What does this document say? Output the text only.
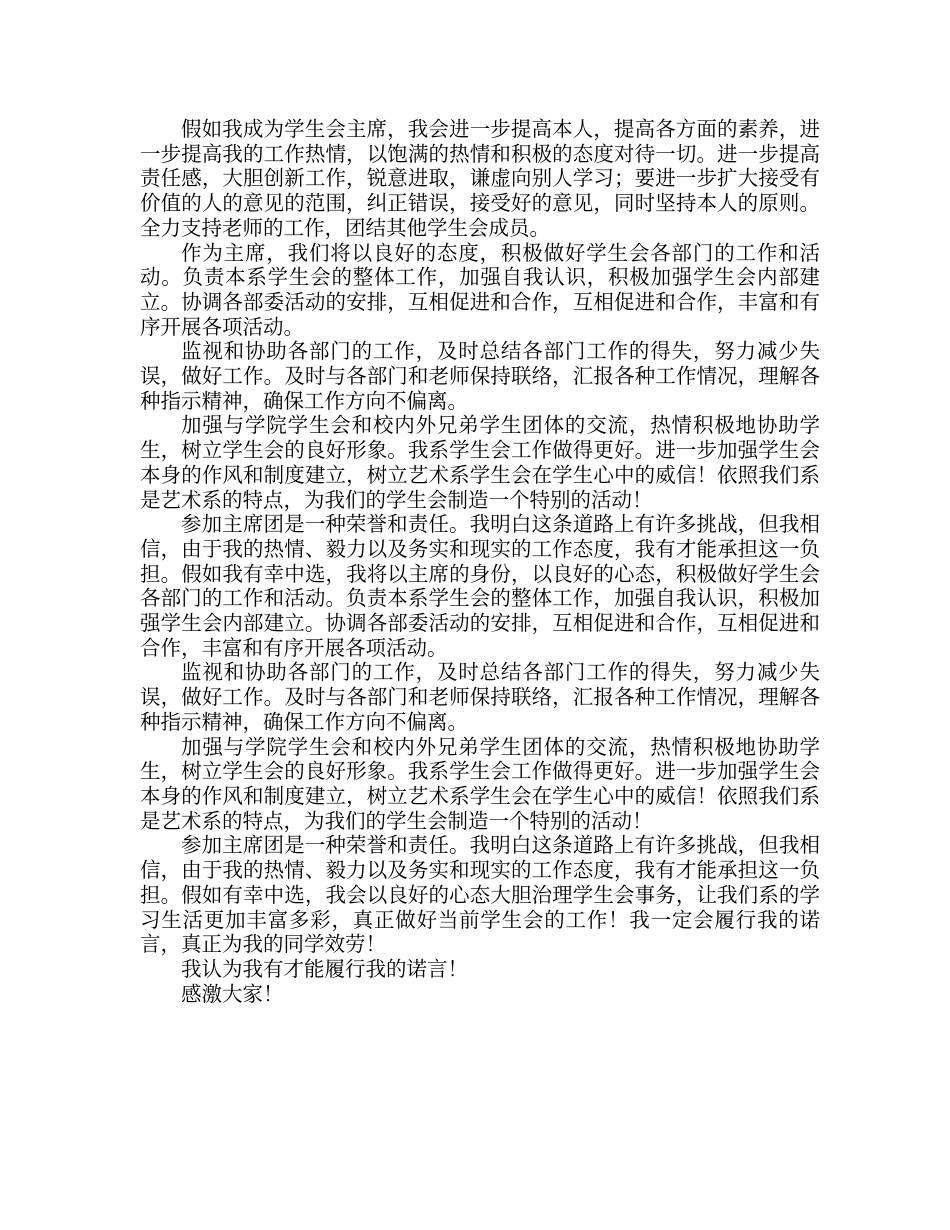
假如我成为学生会主席，我会进一步提高本人，提高各方面的素养，进一步提高我的工作热情，以饱满的热情和积极的态度对待一切。进一步提高责任感，大胆创新工作，锐意进取，谦虚向别人学习；要进一步扩大接受有价值的人的意见的范围，纠正错误，接受好的意见，同时坚持本人的原则。全力支持老师的工作，团结其他学生会成员。

作为主席，我们将以良好的态度，积极做好学生会各部门的工作和活动。负责本系学生会的整体工作，加强自我认识，积极加强学生会内部建立。协调各部委活动的安排，互相促进和合作，互相促进和合作，丰富和有序开展各项活动。

监视和协助各部门的工作，及时总结各部门工作的得失，努力减少失误，做好工作。及时与各部门和老师保持联络，汇报各种工作情况，理解各种指示精神，确保工作方向不偏离。

加强与学院学生会和校内外兄弟学生团体的交流，热情积极地协助学生，树立学生会的良好形象。我系学生会工作做得更好。进一步加强学生会本身的作风和制度建立，树立艺术系学生会在学生心中的威信！依照我们系是艺术系的特点，为我们的学生会制造一个特别的活动！

参加主席团是一种荣誉和责任。我明白这条道路上有许多挑战，但我相信，由于我的热情、毅力以及务实和现实的工作态度，我有才能承担这一负担。假如我有幸中选，我将以主席的身份，以良好的心态，积极做好学生会各部门的工作和活动。负责本系学生会的整体工作，加强自我认识，积极加强学生会内部建立。协调各部委活动的安排，互相促进和合作，互相促进和合作，丰富和有序开展各项活动。

监视和协助各部门的工作，及时总结各部门工作的得失，努力减少失误，做好工作。及时与各部门和老师保持联络，汇报各种工作情况，理解各种指示精神，确保工作方向不偏离。

加强与学院学生会和校内外兄弟学生团体的交流，热情积极地协助学生，树立学生会的良好形象。我系学生会工作做得更好。进一步加强学生会本身的作风和制度建立，树立艺术系学生会在学生心中的威信！依照我们系是艺术系的特点，为我们的学生会制造一个特别的活动！

参加主席团是一种荣誉和责任。我明白这条道路上有许多挑战，但我相信，由于我的热情、毅力以及务实和现实的工作态度，我有才能承担这一负担。假如有幸中选，我会以良好的心态大胆治理学生会事务，让我们系的学习生活更加丰富多彩，真正做好当前学生会的工作！我一定会履行我的诺言，真正为我的同学效劳！

我认为我有才能履行我的诺言！

感激大家！
